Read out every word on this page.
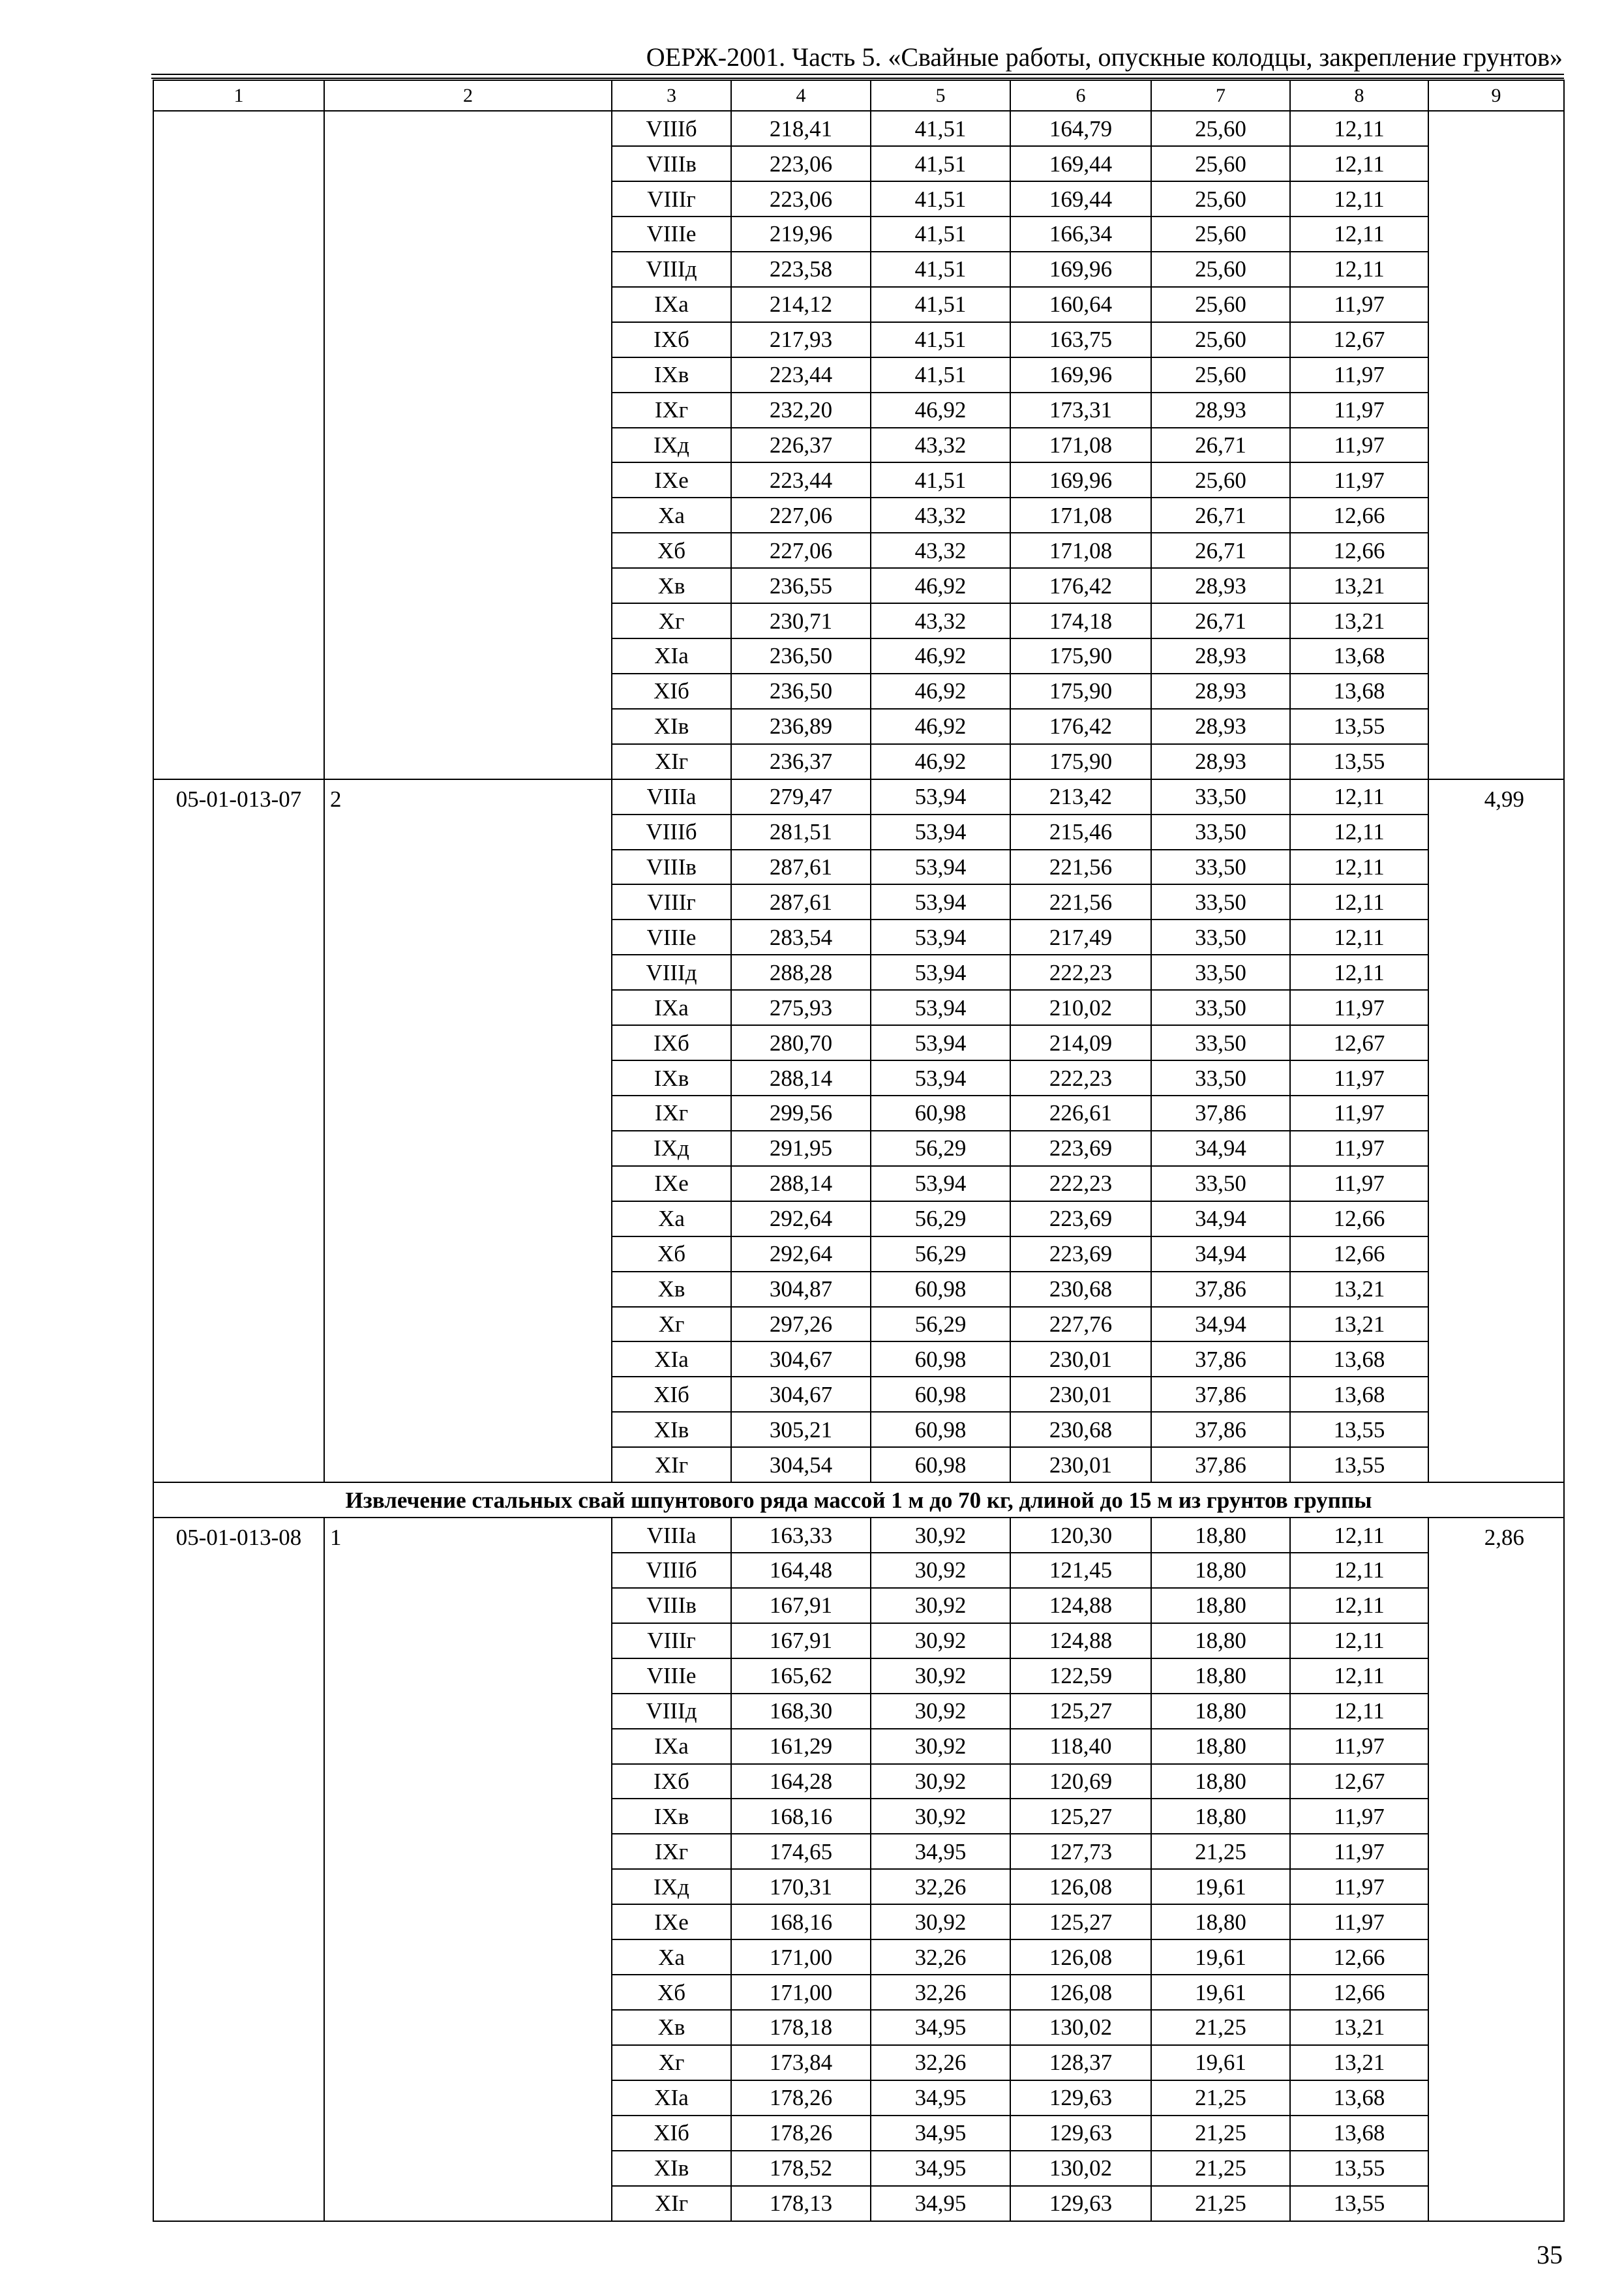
ОЕРЖ-2001. Часть 5. «Свайные работы, опускные колодцы, закрепление грунтов»
1	2	3	4	5	6	7	8	9
		VIIIб	218,41	41,51	164,79	25,60	12,11	
		VIIIв	223,06	41,51	169,44	25,60	12,11	
		VIIIг	223,06	41,51	169,44	25,60	12,11	
		VIIIе	219,96	41,51	166,34	25,60	12,11	
		VIIIд	223,58	41,51	169,96	25,60	12,11	
		IXа	214,12	41,51	160,64	25,60	11,97	
		IXб	217,93	41,51	163,75	25,60	12,67	
		IXв	223,44	41,51	169,96	25,60	11,97	
		IXг	232,20	46,92	173,31	28,93	11,97	
		IXд	226,37	43,32	171,08	26,71	11,97	
		IXе	223,44	41,51	169,96	25,60	11,97	
		Xа	227,06	43,32	171,08	26,71	12,66	
		Xб	227,06	43,32	171,08	26,71	12,66	
		Xв	236,55	46,92	176,42	28,93	13,21	
		Xг	230,71	43,32	174,18	26,71	13,21	
		XIа	236,50	46,92	175,90	28,93	13,68	
		XIб	236,50	46,92	175,90	28,93	13,68	
		XIв	236,89	46,92	176,42	28,93	13,55	
		XIг	236,37	46,92	175,90	28,93	13,55	
05-01-013-07	2	VIIIа	279,47	53,94	213,42	33,50	12,11	4,99
		VIIIб	281,51	53,94	215,46	33,50	12,11	
		VIIIв	287,61	53,94	221,56	33,50	12,11	
		VIIIг	287,61	53,94	221,56	33,50	12,11	
		VIIIе	283,54	53,94	217,49	33,50	12,11	
		VIIIд	288,28	53,94	222,23	33,50	12,11	
		IXа	275,93	53,94	210,02	33,50	11,97	
		IXб	280,70	53,94	214,09	33,50	12,67	
		IXв	288,14	53,94	222,23	33,50	11,97	
		IXг	299,56	60,98	226,61	37,86	11,97	
		IXд	291,95	56,29	223,69	34,94	11,97	
		IXе	288,14	53,94	222,23	33,50	11,97	
		Xа	292,64	56,29	223,69	34,94	12,66	
		Xб	292,64	56,29	223,69	34,94	12,66	
		Xв	304,87	60,98	230,68	37,86	13,21	
		Xг	297,26	56,29	227,76	34,94	13,21	
		XIа	304,67	60,98	230,01	37,86	13,68	
		XIб	304,67	60,98	230,01	37,86	13,68	
		XIв	305,21	60,98	230,68	37,86	13,55	
		XIг	304,54	60,98	230,01	37,86	13,55	
Извлечение стальных свай шпунтового ряда массой 1 м до 70 кг, длиной до 15 м из грунтов группы								
05-01-013-08	1	VIIIа	163,33	30,92	120,30	18,80	12,11	2,86
		VIIIб	164,48	30,92	121,45	18,80	12,11	
		VIIIв	167,91	30,92	124,88	18,80	12,11	
		VIIIг	167,91	30,92	124,88	18,80	12,11	
		VIIIе	165,62	30,92	122,59	18,80	12,11	
		VIIIд	168,30	30,92	125,27	18,80	12,11	
		IXа	161,29	30,92	118,40	18,80	11,97	
		IXб	164,28	30,92	120,69	18,80	12,67	
		IXв	168,16	30,92	125,27	18,80	11,97	
		IXг	174,65	34,95	127,73	21,25	11,97	
		IXд	170,31	32,26	126,08	19,61	11,97	
		IXе	168,16	30,92	125,27	18,80	11,97	
		Xа	171,00	32,26	126,08	19,61	12,66	
		Xб	171,00	32,26	126,08	19,61	12,66	
		Xв	178,18	34,95	130,02	21,25	13,21	
		Xг	173,84	32,26	128,37	19,61	13,21	
		XIа	178,26	34,95	129,63	21,25	13,68	
		XIб	178,26	34,95	129,63	21,25	13,68	
		XIв	178,52	34,95	130,02	21,25	13,55	
		XIг	178,13	34,95	129,63	21,25	13,55	
35
